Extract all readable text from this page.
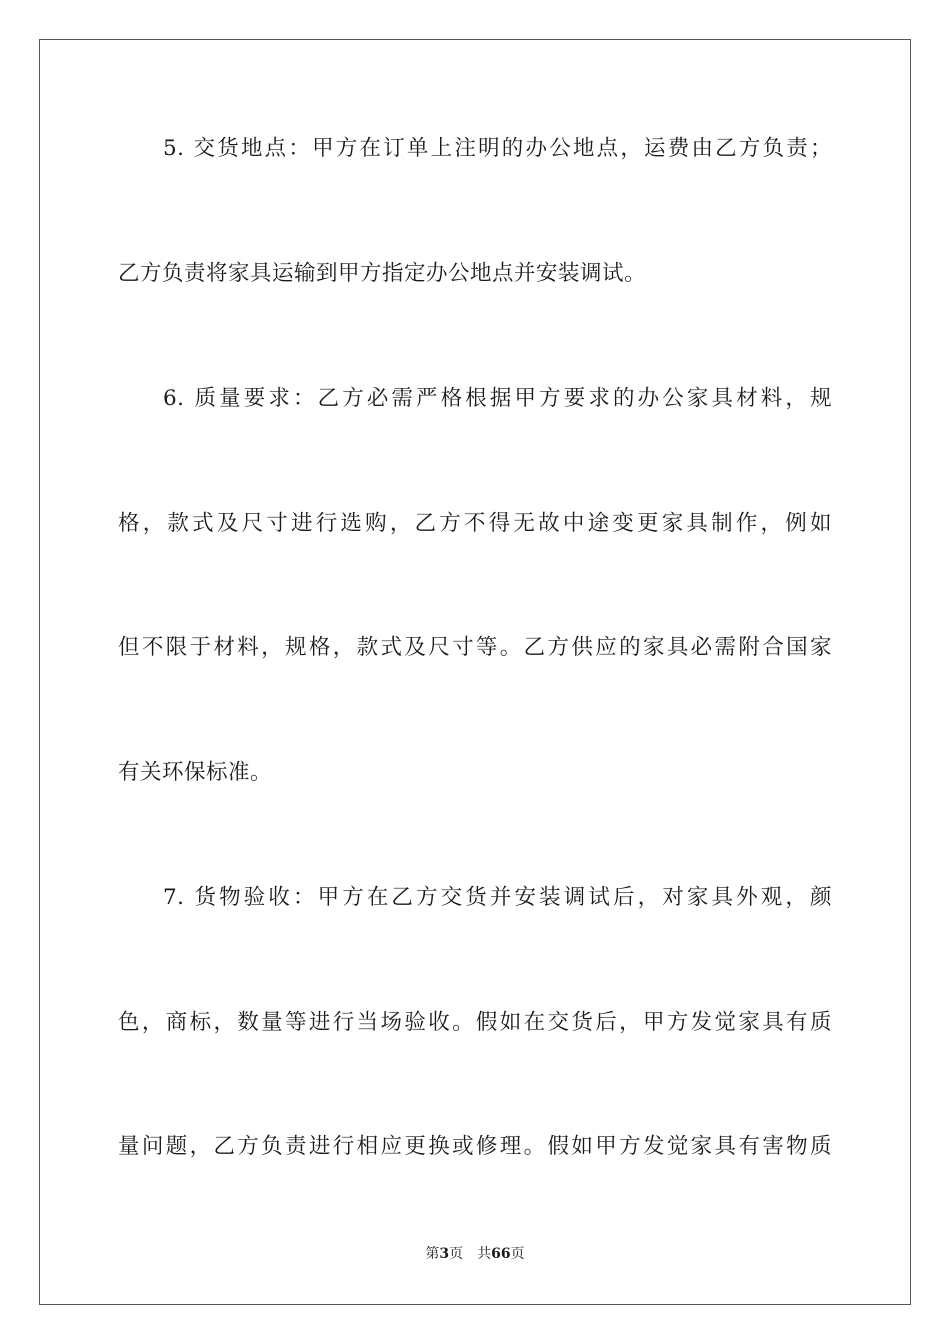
5. 交货地点：甲方在订单上注明的办公地点，运费由乙方负责；
乙方负责将家具运输到甲方指定办公地点并安装调试。
6. 质量要求：乙方必需严格根据甲方要求的办公家具材料，规
格，款式及尺寸进行选购，乙方不得无故中途变更家具制作，例如
但不限于材料，规格，款式及尺寸等。乙方供应的家具必需附合国家
有关环保标准。
7. 货物验收：甲方在乙方交货并安装调试后，对家具外观，颜
色，商标，数量等进行当场验收。假如在交货后，甲方发觉家具有质
量问题，乙方负责进行相应更换或修理。假如甲方发觉家具有害物质
第3页 共66页
